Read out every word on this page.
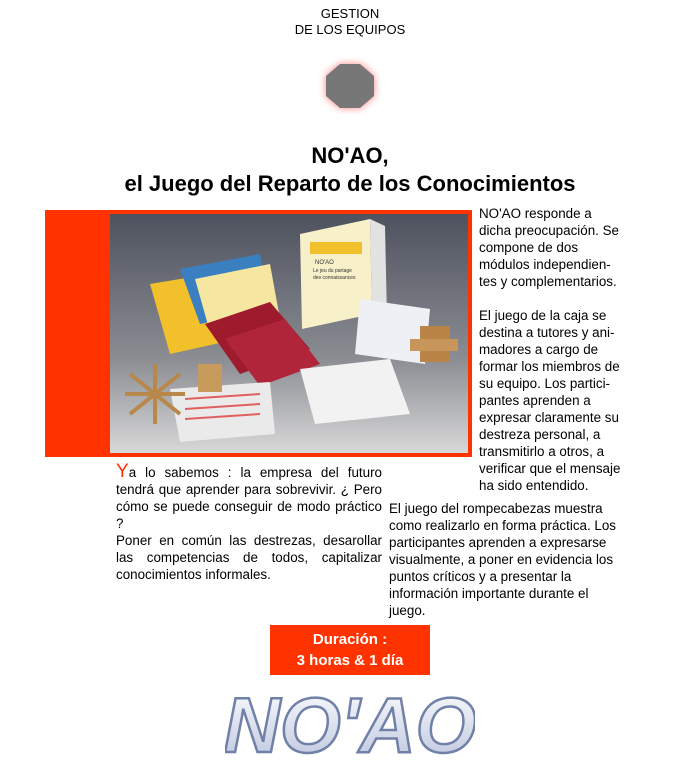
GESTION
DE LOS EQUIPOS
NO'AO,
el Juego del Reparto de los Conocimientos
NO'AO
Le jeu du partage
des connaissances

NO'AO responde a
dicha preocupación. Se
compone de dos
módulos independien-
tes y complementarios.

El juego de la caja se
destina a tutores y ani-
madores a cargo de
formar los miembros de
su equipo. Los partici-
pantes aprenden a
expresar claramente su
destreza personal, a
transmitirlo a otros, a
verificar que el mensaje
ha sido entendido.

Ya lo sabemos : la empresa del futuro tendrá que aprender para sobrevivir. ¿ Pero cómo se puede conseguir de modo práctico ?

Poner en común las destrezas, desarollar las competencias de todos, capitalizar conocimientos informales.

El juego del rompecabezas muestra
como realizarlo en forma práctica. Los
participantes aprenden a expresarse
visualmente, a poner en evidencia los
puntos críticos y a presentar la
información importante durante el
juego.
Duración :
3 horas & 1 día
NO'AO
